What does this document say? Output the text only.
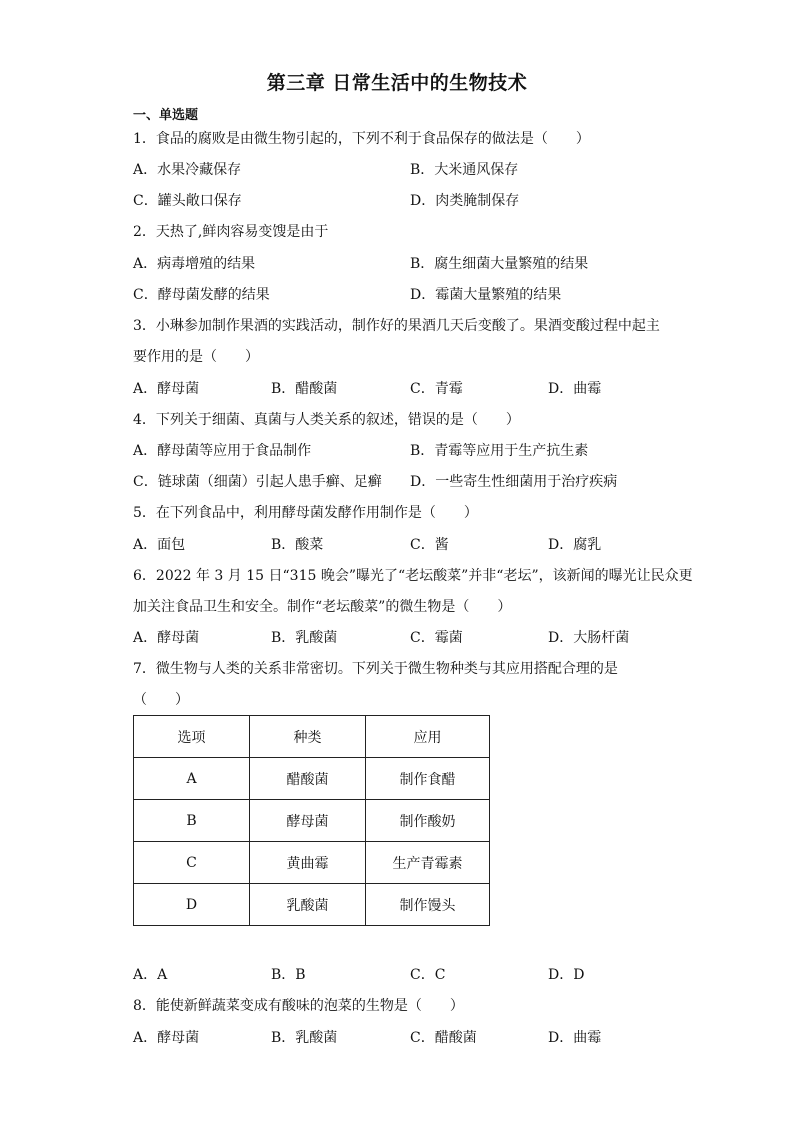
第三章 日常生活中的生物技术
一、单选题
1．食品的腐败是由微生物引起的，下列不利于食品保存的做法是（　　）
A．水果冷藏保存	B．大米通风保存
C．罐头敞口保存	D．肉类腌制保存
2．天热了,鲜肉容易变馊是由于
A．病毒增殖的结果	B．腐生细菌大量繁殖的结果
C．酵母菌发酵的结果	D．霉菌大量繁殖的结果
3．小琳参加制作果酒的实践活动，制作好的果酒几天后变酸了。果酒变酸过程中起主
要作用的是（　　）
A．酵母菌	B．醋酸菌	C．青霉	D．曲霉
4．下列关于细菌、真菌与人类关系的叙述，错误的是（　　）
A．酵母菌等应用于食品制作	B．青霉等应用于生产抗生素
C．链球菌（细菌）引起人患手癣、足癣 D．一些寄生性细菌用于治疗疾病
5．在下列食品中，利用酵母菌发酵作用制作是（　　）
A．面包	B．酸菜	C．酱	D．腐乳
6．2022 年 3 月 15 日“315 晚会”曝光了“老坛酸菜”并非“老坛”，该新闻的曝光让民众更
加关注食品卫生和安全。制作“老坛酸菜”的微生物是（　　）
A．酵母菌	B．乳酸菌	C．霉菌	D．大肠杆菌
7．微生物与人类的关系非常密切。下列关于微生物种类与其应用搭配合理的是
（　　）
选项	种类	应用
A	醋酸菌	制作食醋
B	酵母菌	制作酸奶
C	黄曲霉	生产青霉素
D	乳酸菌	制作馒头
A．A	B．B	C．C	D．D
8．能使新鲜蔬菜变成有酸味的泡菜的生物是（　　）
A．酵母菌	B．乳酸菌	C．醋酸菌	D．曲霉
